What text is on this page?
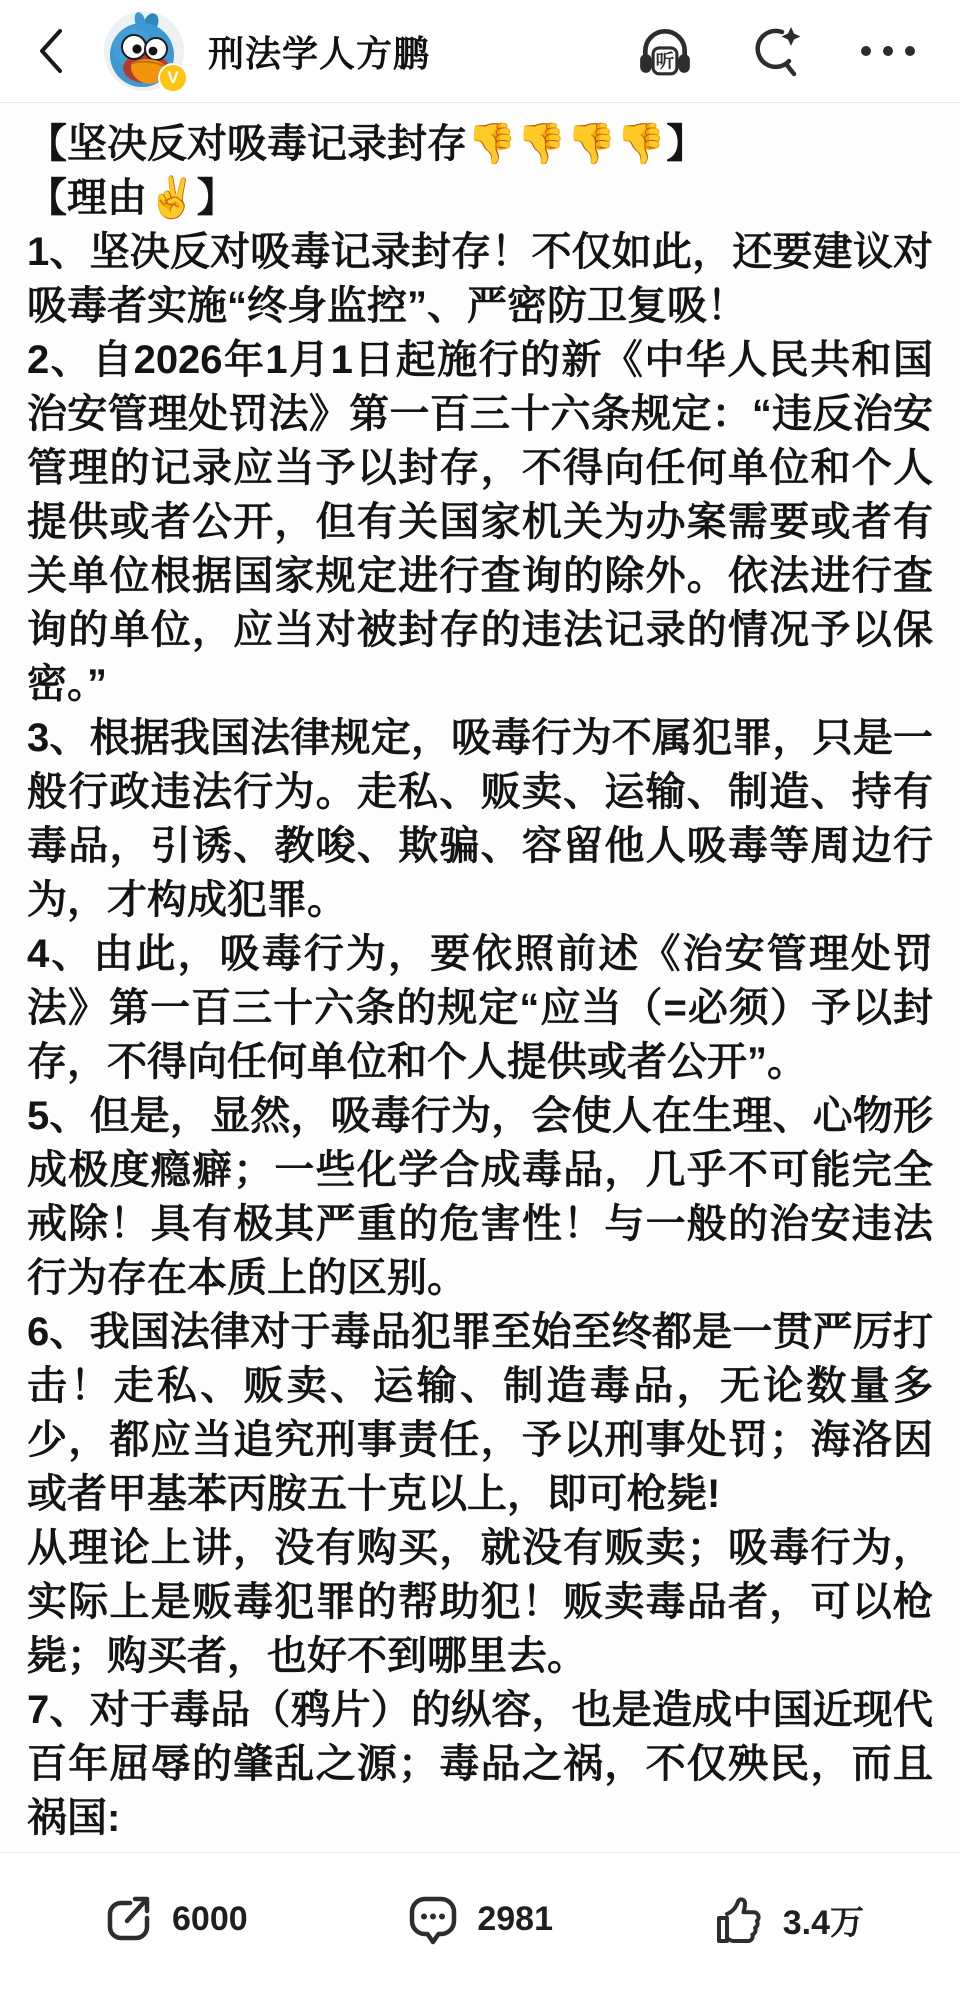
V
刑法学人方鹏	听

【坚决反对吸毒记录封存👎👎👎👎】

【理由✌️】

1、坚决反对吸毒记录封存！不仅如此，还要建议对吸毒者实施“终身监控”、严密防卫复吸！

2、自2026年1月1日起施行的新《中华人民共和国治安管理处罚法》第一百三十六条规定：“违反治安管理的记录应当予以封存，不得向任何单位和个人提供或者公开，但有关国家机关为办案需要或者有关单位根据国家规定进行查询的除外。依法进行查询的单位，应当对被封存的违法记录的情况予以保密。”

3、根据我国法律规定，吸毒行为不属犯罪，只是一般行政违法行为。走私、贩卖、运输、制造、持有毒品，引诱、教唆、欺骗、容留他人吸毒等周边行为，才构成犯罪。

4、由此，吸毒行为，要依照前述《治安管理处罚法》第一百三十六条的规定“应当（=必须）予以封存，不得向任何单位和个人提供或者公开”。

5、但是，显然，吸毒行为，会使人在生理、心物形成极度瘾癖；一些化学合成毒品，几乎不可能完全戒除！具有极其严重的危害性！与一般的治安违法行为存在本质上的区别。

6、我国法律对于毒品犯罪至始至终都是一贯严厉打击！走私、贩卖、运输、制造毒品，无论数量多少，都应当追究刑事责任，予以刑事处罚；海洛因或者甲基苯丙胺五十克以上，即可枪毙!

从理论上讲，没有购买，就没有贩卖；吸毒行为，实际上是贩毒犯罪的帮助犯！贩卖毒品者，可以枪毙；购买者，也好不到哪里去。

7、对于毒品（鸦片）的纵容，也是造成中国近现代百年屈辱的肇乱之源；毒品之祸，不仅殃民，而且祸国:

6000	2981	3.4万
